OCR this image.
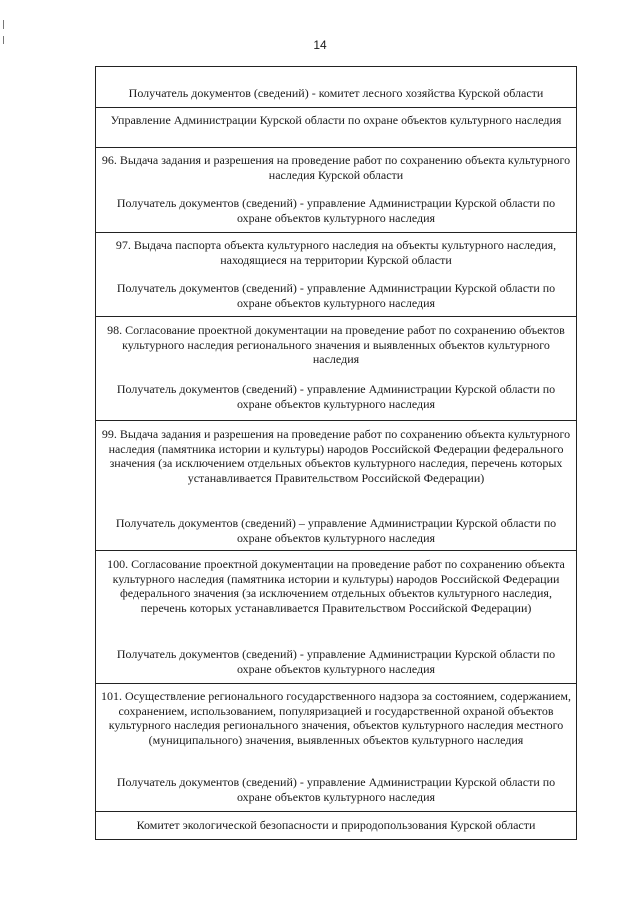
14
Получатель документов (сведений) - комитет лесного хозяйства Курской области
Управление Администрации Курской области по охране объектов культурного наследия
96. Выдача задания и разрешения на проведение работ по сохранению объекта культурного наследия Курской области
Получатель документов (сведений) - управление Администрации Курской области по охране объектов культурного наследия
97. Выдача паспорта объекта культурного наследия на объекты культурного наследия, находящиеся на территории Курской области
Получатель документов (сведений) - управление Администрации Курской области по охране объектов культурного наследия
98. Согласование проектной документации на проведение работ по сохранению объектов культурного наследия регионального значения и выявленных объектов культурного наследия
Получатель документов (сведений) - управление Администрации Курской области по охране объектов культурного наследия
99. Выдача задания и разрешения на проведение работ по сохранению объекта культурного наследия (памятника истории и культуры) народов Российской Федерации федерального значения (за исключением отдельных объектов культурного наследия, перечень которых устанавливается Правительством Российской Федерации)
Получатель документов (сведений) – управление Администрации Курской области по охране объектов культурного наследия
100. Согласование проектной документации на проведение работ по сохранению объекта культурного наследия (памятника истории и культуры) народов Российской Федерации федерального значения (за исключением отдельных объектов культурного наследия, перечень которых устанавливается Правительством Российской Федерации)
Получатель документов (сведений) - управление Администрации Курской области по охране объектов культурного наследия
101. Осуществление регионального государственного надзора за состоянием, содержанием, сохранением, использованием, популяризацией и государственной охраной объектов культурного наследия регионального значения, объектов культурного наследия местного (муниципального) значения, выявленных объектов культурного наследия
Получатель документов (сведений) - управление Администрации Курской области по охране объектов культурного наследия
Комитет экологической безопасности и природопользования Курской области
